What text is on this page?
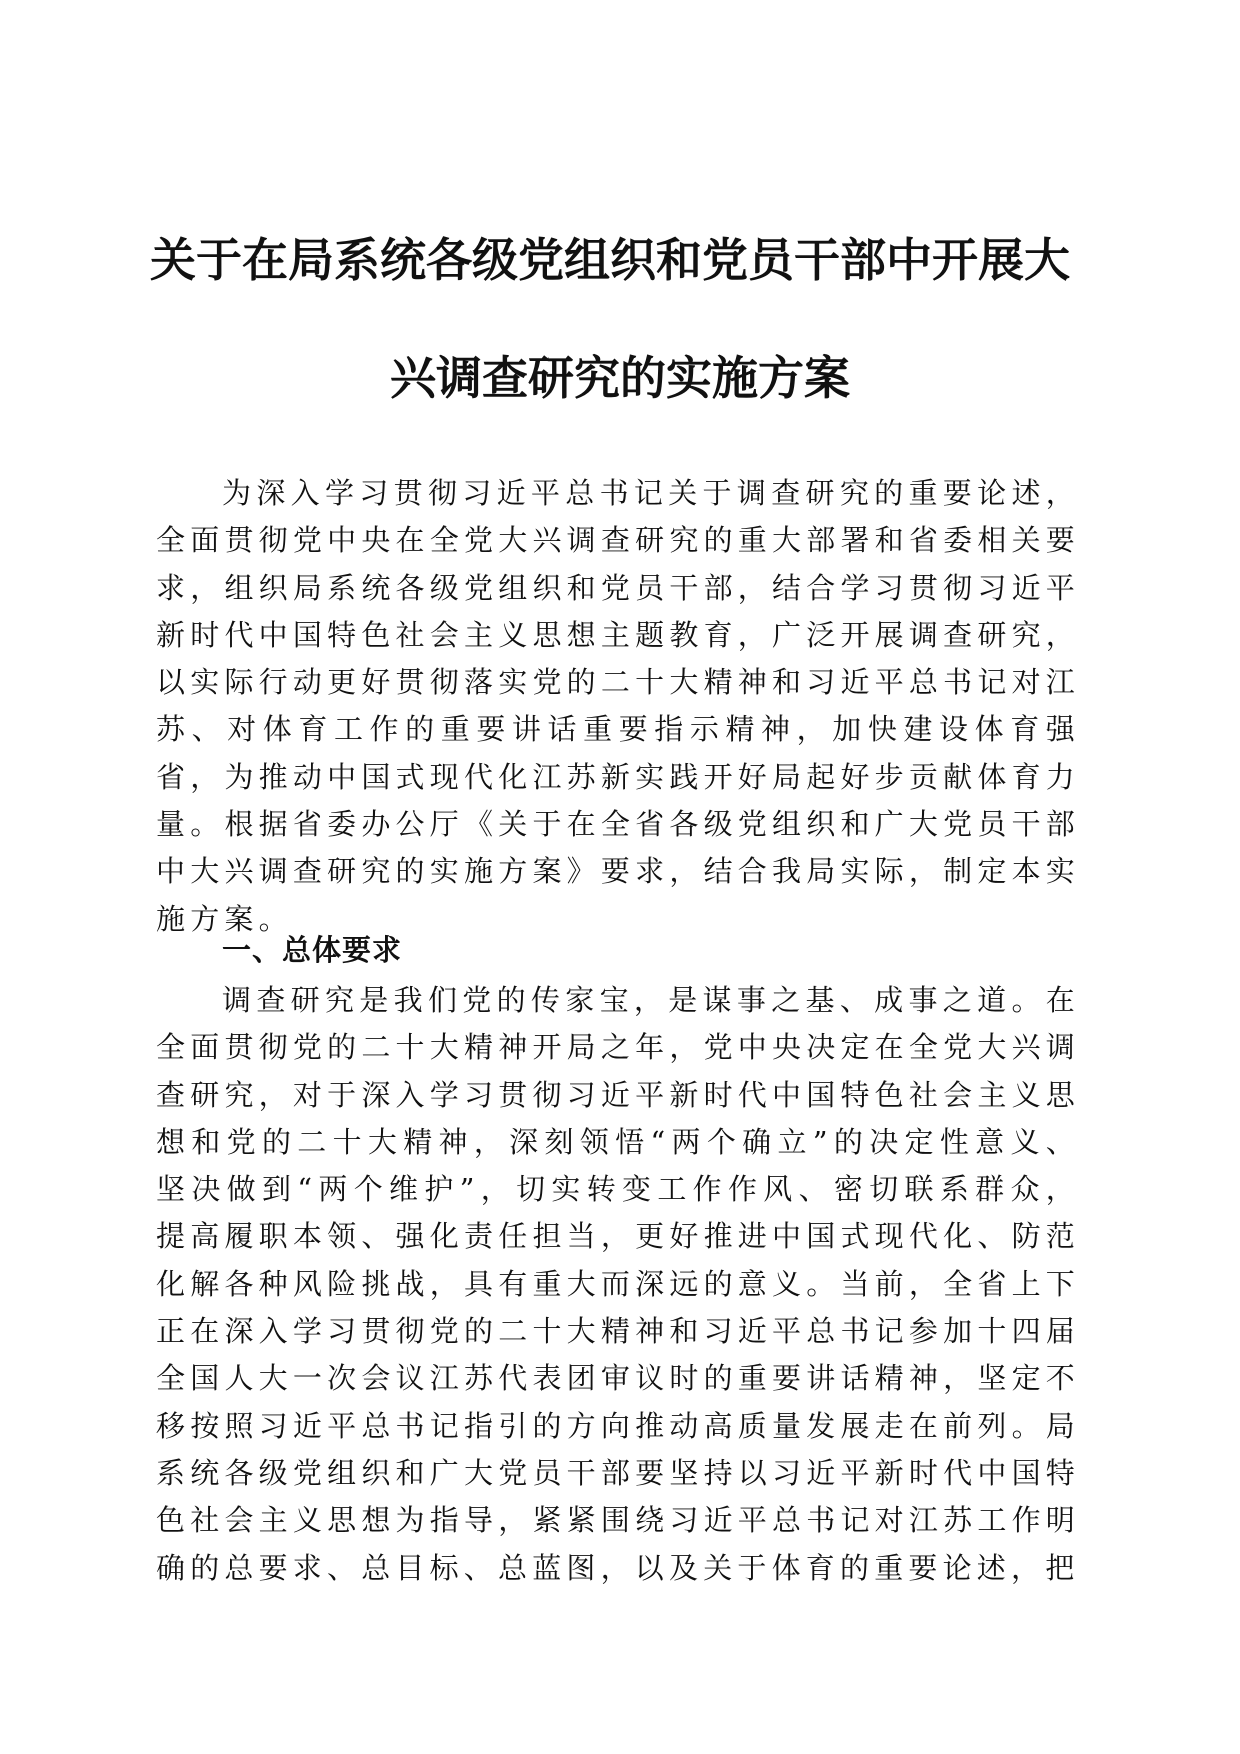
关于在局系统各级党组织和党员干部中开展大
兴调查研究的实施方案
为深入学习贯彻习近平总书记关于调查研究的重要论述，全面贯彻党中央在全党大兴调查研究的重大部署和省委相关要求，组织局系统各级党组织和党员干部，结合学习贯彻习近平新时代中国特色社会主义思想主题教育，广泛开展调查研究，以实际行动更好贯彻落实党的二十大精神和习近平总书记对江苏、对体育工作的重要讲话重要指示精神，加快建设体育强省，为推动中国式现代化江苏新实践开好局起好步贡献体育力量。根据省委办公厅《关于在全省各级党组织和广大党员干部中大兴调查研究的实施方案》要求，结合我局实际，制定本实施方案。
一、总体要求
调查研究是我们党的传家宝，是谋事之基、成事之道。在全面贯彻党的二十大精神开局之年，党中央决定在全党大兴调查研究，对于深入学习贯彻习近平新时代中国特色社会主义思想和党的二十大精神，深刻领悟“两个确立”的决定性意义、坚决做到“两个维护”，切实转变工作作风、密切联系群众，提高履职本领、强化责任担当，更好推进中国式现代化、防范化解各种风险挑战，具有重大而深远的意义。当前，全省上下正在深入学习贯彻党的二十大精神和习近平总书记参加十四届全国人大一次会议江苏代表团审议时的重要讲话精神，坚定不移按照习近平总书记指引的方向推动高质量发展走在前列。局系统各级党组织和广大党员干部要坚持以习近平新时代中国特色社会主义思想为指导，紧紧围绕习近平总书记对江苏工作明确的总要求、总目标、总蓝图，以及关于体育的重要论述，把
